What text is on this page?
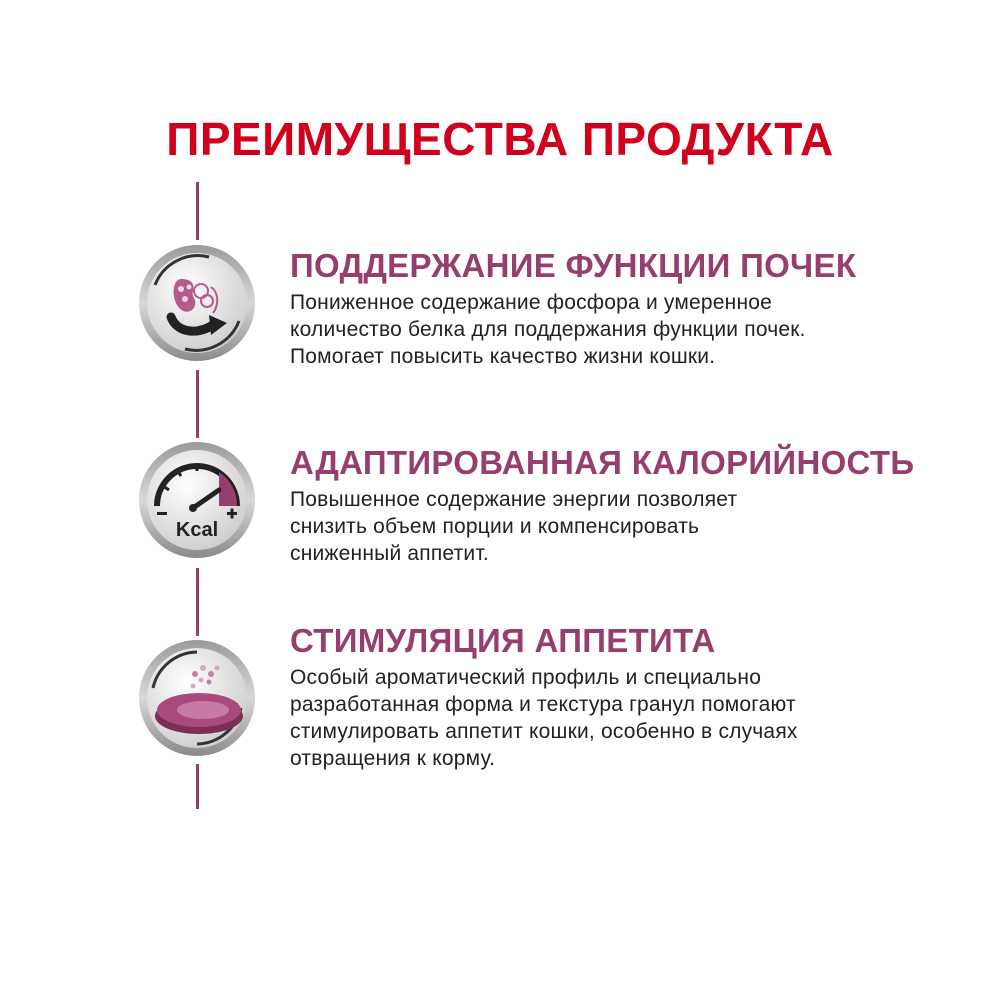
ПРЕИМУЩЕСТВА ПРОДУКТА
Kcal
ПОДДЕРЖАНИЕ ФУНКЦИИ ПОЧЕК
Пониженное содержание фосфора и умеренное
количество белка для поддержания функции почек.
Помогает повысить качество жизни кошки.
АДАПТИРОВАННАЯ КАЛОРИЙНОСТЬ
Повышенное содержание энергии позволяет
снизить объем порции и компенсировать
сниженный аппетит.
СТИМУЛЯЦИЯ АППЕТИТА
Особый ароматический профиль и специально
разработанная форма и текстура гранул помогают
стимулировать аппетит кошки, особенно в случаях
отвращения к корму.
